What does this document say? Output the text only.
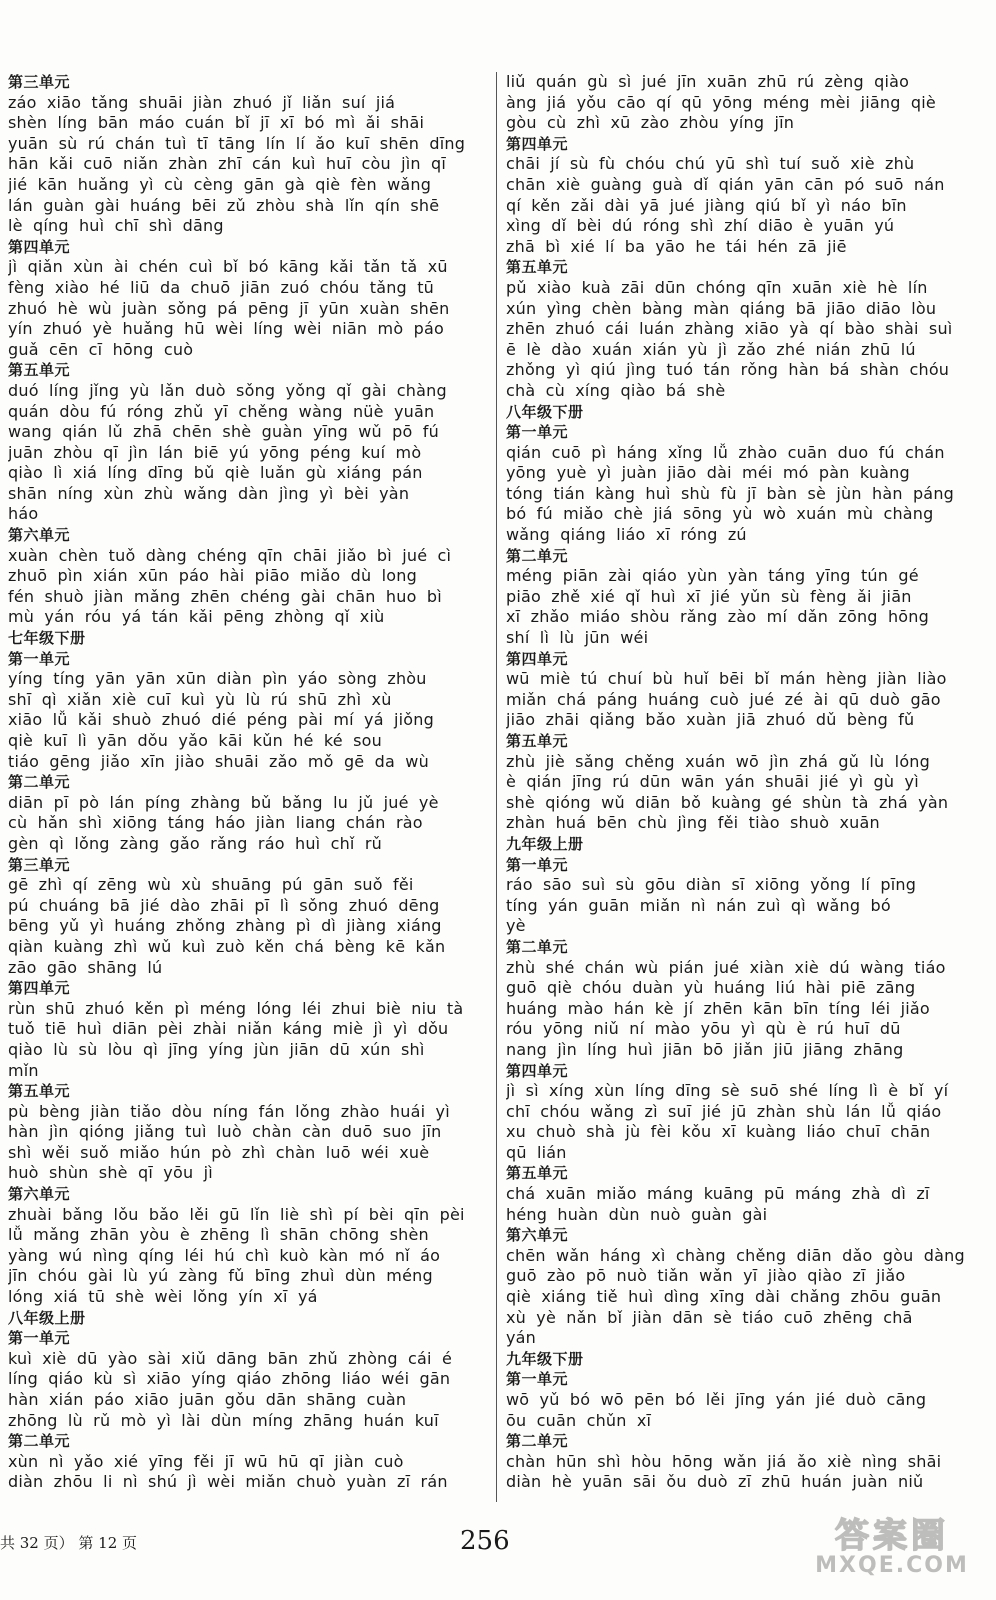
第三单元
záo xiāo tǎng shuāi jiàn zhuó jǐ liǎn suí jiá
shèn líng bān máo cuán bǐ jī xī bó mì ǎi shāi
yuān sù rú chán tuì tī tāng lín lí ǎo kuī shēn dīng
hān kǎi cuō niǎn zhàn zhī cán kuì huī còu jìn qī
jié kān huǎng yì cù cèng gān gà qiè fèn wǎng
lán guàn gài huáng bēi zǔ zhòu shà lǐn qín shē
lè qíng huì chī shì dāng
第四单元
jì qiǎn xùn ài chén cuì bǐ bó kāng kǎi tǎn tǎ xū
fèng xiào hé liū da chuō jiān zuó chóu tǎng tū
zhuó hè wù juàn sǒng pá pēng jī yūn xuàn shēn
yín zhuó yè huǎng hū wèi líng wèi niān mò páo
guǎ cēn cī hōng cuò
第五单元
duó líng jǐng yù lǎn duò sǒng yǒng qǐ gài chàng
quán dòu fú róng zhǔ yī chěng wàng nüè yuān
wang qián lǔ zhā chēn shè guàn yīng wǔ pō fú
juān zhòu qī jìn lán biē yú yōng péng kuí mò
qiào lì xiá líng dīng bǔ qiè luǎn gù xiáng pán
shān níng xùn zhù wǎng dàn jìng yì bèi yàn
háo
第六单元
xuàn chèn tuǒ dàng chéng qīn chāi jiǎo bì jué cì
zhuō pìn xián xūn páo hài piāo miǎo dù long
fén shuò jiàn mǎng zhēn chéng gài chān huo bì
mù yán róu yá tán kǎi pēng zhòng qǐ xiù
七年级下册
第一单元
yíng tíng yān yān xūn diàn pìn yáo sòng zhòu
shī qì xiǎn xiè cuī kuì yù lù rú shū zhì xù
xiāo lǚ kǎi shuò zhuó dié péng pài mí yá jiǒng
qiè kuī lì yān dǒu yǎo kāi kǔn hé ké sou
tiáo gēng jiǎo xīn jiào shuāi zǎo mǒ gē da wù
第二单元
diān pī pò lán píng zhàng bǔ bǎng lu jǔ jué yè
cù hǎn shì xiōng táng háo jiàn liang chán rào
gèn qì lǒng zàng gǎo rǎng ráo huì chǐ rǔ
第三单元
gē zhì qí zēng wù xù shuāng pú gān suǒ fěi
pú chuáng bā jié dào zhāi pī lì sǒng zhuó dēng
bēng yǔ yì huáng zhǒng zhàng pì dì jiàng xiáng
qiàn kuàng zhì wǔ kuì zuò kěn chá bèng kē kǎn
zāo gāo shāng lú
第四单元
rùn shū zhuó kěn pì méng lóng léi zhui biè niu tà
tuǒ tiē huì diān pèi zhài niǎn káng miè jì yì dǒu
qiào lù sù lòu qì jīng yíng jùn jiān dū xún shì
mǐn
第五单元
pù bèng jiàn tiǎo dòu níng fán lǒng zhào huái yì
hàn jìn qióng jiǎng tuì luò chàn càn duō suo jīn
shì wěi suǒ miǎo hún pò zhì chàn luō wéi xuè
huò shùn shè qī yōu jì
第六单元
zhuài bǎng lǒu bǎo lěi gū lǐn liè shì pí bèi qīn pèi
lǚ mǎng zhān yòu è zhēng lì shān chōng shèn
yàng wú nìng qíng léi hú chì kuò kàn mó nǐ áo
jīn chóu gài lù yú zàng fǔ bīng zhuì dùn méng
lóng xiá tū shè wèi lǒng yín xī yá
八年级上册
第一单元
kuì xiè dū yào sài xiǔ dāng bān zhǔ zhòng cái é
líng qiáo kù sì xiāo yíng qiáo zhōng liáo wéi gān
hàn xián páo xiāo juān gǒu dān shāng cuàn
zhōng lù rǔ mò yì lài dùn míng zhāng huán kuī
第二单元
xùn nì yǎo xié yīng fěi jī wū hū qī jiàn cuò
diàn zhōu li nì shú jì wèi miǎn chuò yuàn zī rán
liǔ quán gù sì jué jīn xuān zhū rú zèng qiào
àng jiá yǒu cāo qí qū yōng méng mèi jiāng qiè
gòu cù zhì xū zào zhòu yíng jīn
第四单元
chāi jí sù fù chóu chú yū shì tuí suǒ xiè zhù
chān xiè guàng guà dǐ qián yān cān pó suō nán
qí kěn zǎi dài yā jué jiàng qiú bǐ yì náo bīn
xìng dǐ bèi dú róng shì zhí diāo è yuān yú
zhā bì xié lí ba yāo he tái hén zā jiē
第五单元
pǔ xiào kuà zāi dūn chóng qīn xuān xiè hè lín
xún yìng chèn bàng màn qiáng bā jiāo diāo lòu
zhēn zhuó cái luán zhàng xiāo yà qí bào shài suì
ē lè dào xuán xián yù jì zǎo zhé nián zhū lú
zhǒng yì qiú jìng tuó tán rǒng hàn bá shàn chóu
chà cù xíng qiào bá shè
八年级下册
第一单元
qián cuō pì háng xǐng lǚ zhào cuān duo fú chán
yōng yuè yì juàn jiāo dài méi mó pàn kuàng
tóng tián kàng huì shù fù jī bàn sè jùn hàn páng
bó fú miǎo chè jiá sōng yù wò xuán mù chàng
wǎng qiáng liáo xī róng zú
第二单元
méng piān zài qiáo yùn yàn táng yīng tún gé
piāo zhě xié qǐ huì xī jié yǔn sù fèng ǎi jiān
xī zhǎo miáo shòu rǎng zào mí dǎn zōng hōng
shí lì lù jūn wéi
第四单元
wū miè tú chuí bù huǐ bēi bǐ mán hèng jiàn liào
miǎn chá páng huáng cuò jué zé ài qū duò gāo
jiāo zhāi qiǎng bǎo xuàn jiā zhuó dǔ bèng fǔ
第五单元
zhù jiè sǎng chěng xuán wō jìn zhá gǔ lù lóng
è qián jīng rú dūn wān yán shuāi jié yì gù yì
shè qióng wǔ diān bǒ kuàng gé shùn tà zhá yàn
zhàn huá bēn chù jìng fěi tiào shuò xuān
九年级上册
第一单元
ráo sāo suì sù gōu diàn sī xiōng yǒng lí pīng
tíng yán guān miǎn nì nán zuì qì wǎng bó
yè
第二单元
zhù shé chán wù pián jué xiàn xiè dú wàng tiáo
guō qiè chóu duàn yù huáng liú hài piē zāng
huáng mào hán kè jí zhēn kān bīn tíng léi jiǎo
róu yōng niǔ ní mào yōu yì qù è rú huī dū
nang jìn líng huì jiān bō jiǎn jiū jiāng zhāng
第四单元
jì sì xíng xùn líng dīng sè suō shé líng lì è bǐ yí
chī chóu wǎng zì suī jié jū zhàn shù lán lǚ qiáo
xu chuò shà jù fèi kǒu xī kuàng liáo chuī chān
qū lián
第五单元
chá xuān miǎo máng kuāng pū máng zhà dì zī
héng huàn dùn nuò guàn gài
第六单元
chēn wǎn háng xì chàng chěng diān dǎo gòu dàng
guō zào pō nuò tiǎn wǎn yī jiào qiào zī jiǎo
qiè xiáng tiě huì dìng xīng dài chǎng zhōu guān
xù yè nǎn bǐ jiàn dān sè tiáo cuō zhēng chā
yán
九年级下册
第一单元
wō yǔ bó wō pēn bó lěi jīng yán jié duò cāng
ōu cuān chǔn xī
第二单元
chàn hūn shì hòu hōng wǎn jiá ǎo xiè nìng shāi
diàn hè yuān sāi ǒu duò zī zhū huán juàn niǔ
共 32 页） 第 12 页	256	答案圈
MXQE.COM
